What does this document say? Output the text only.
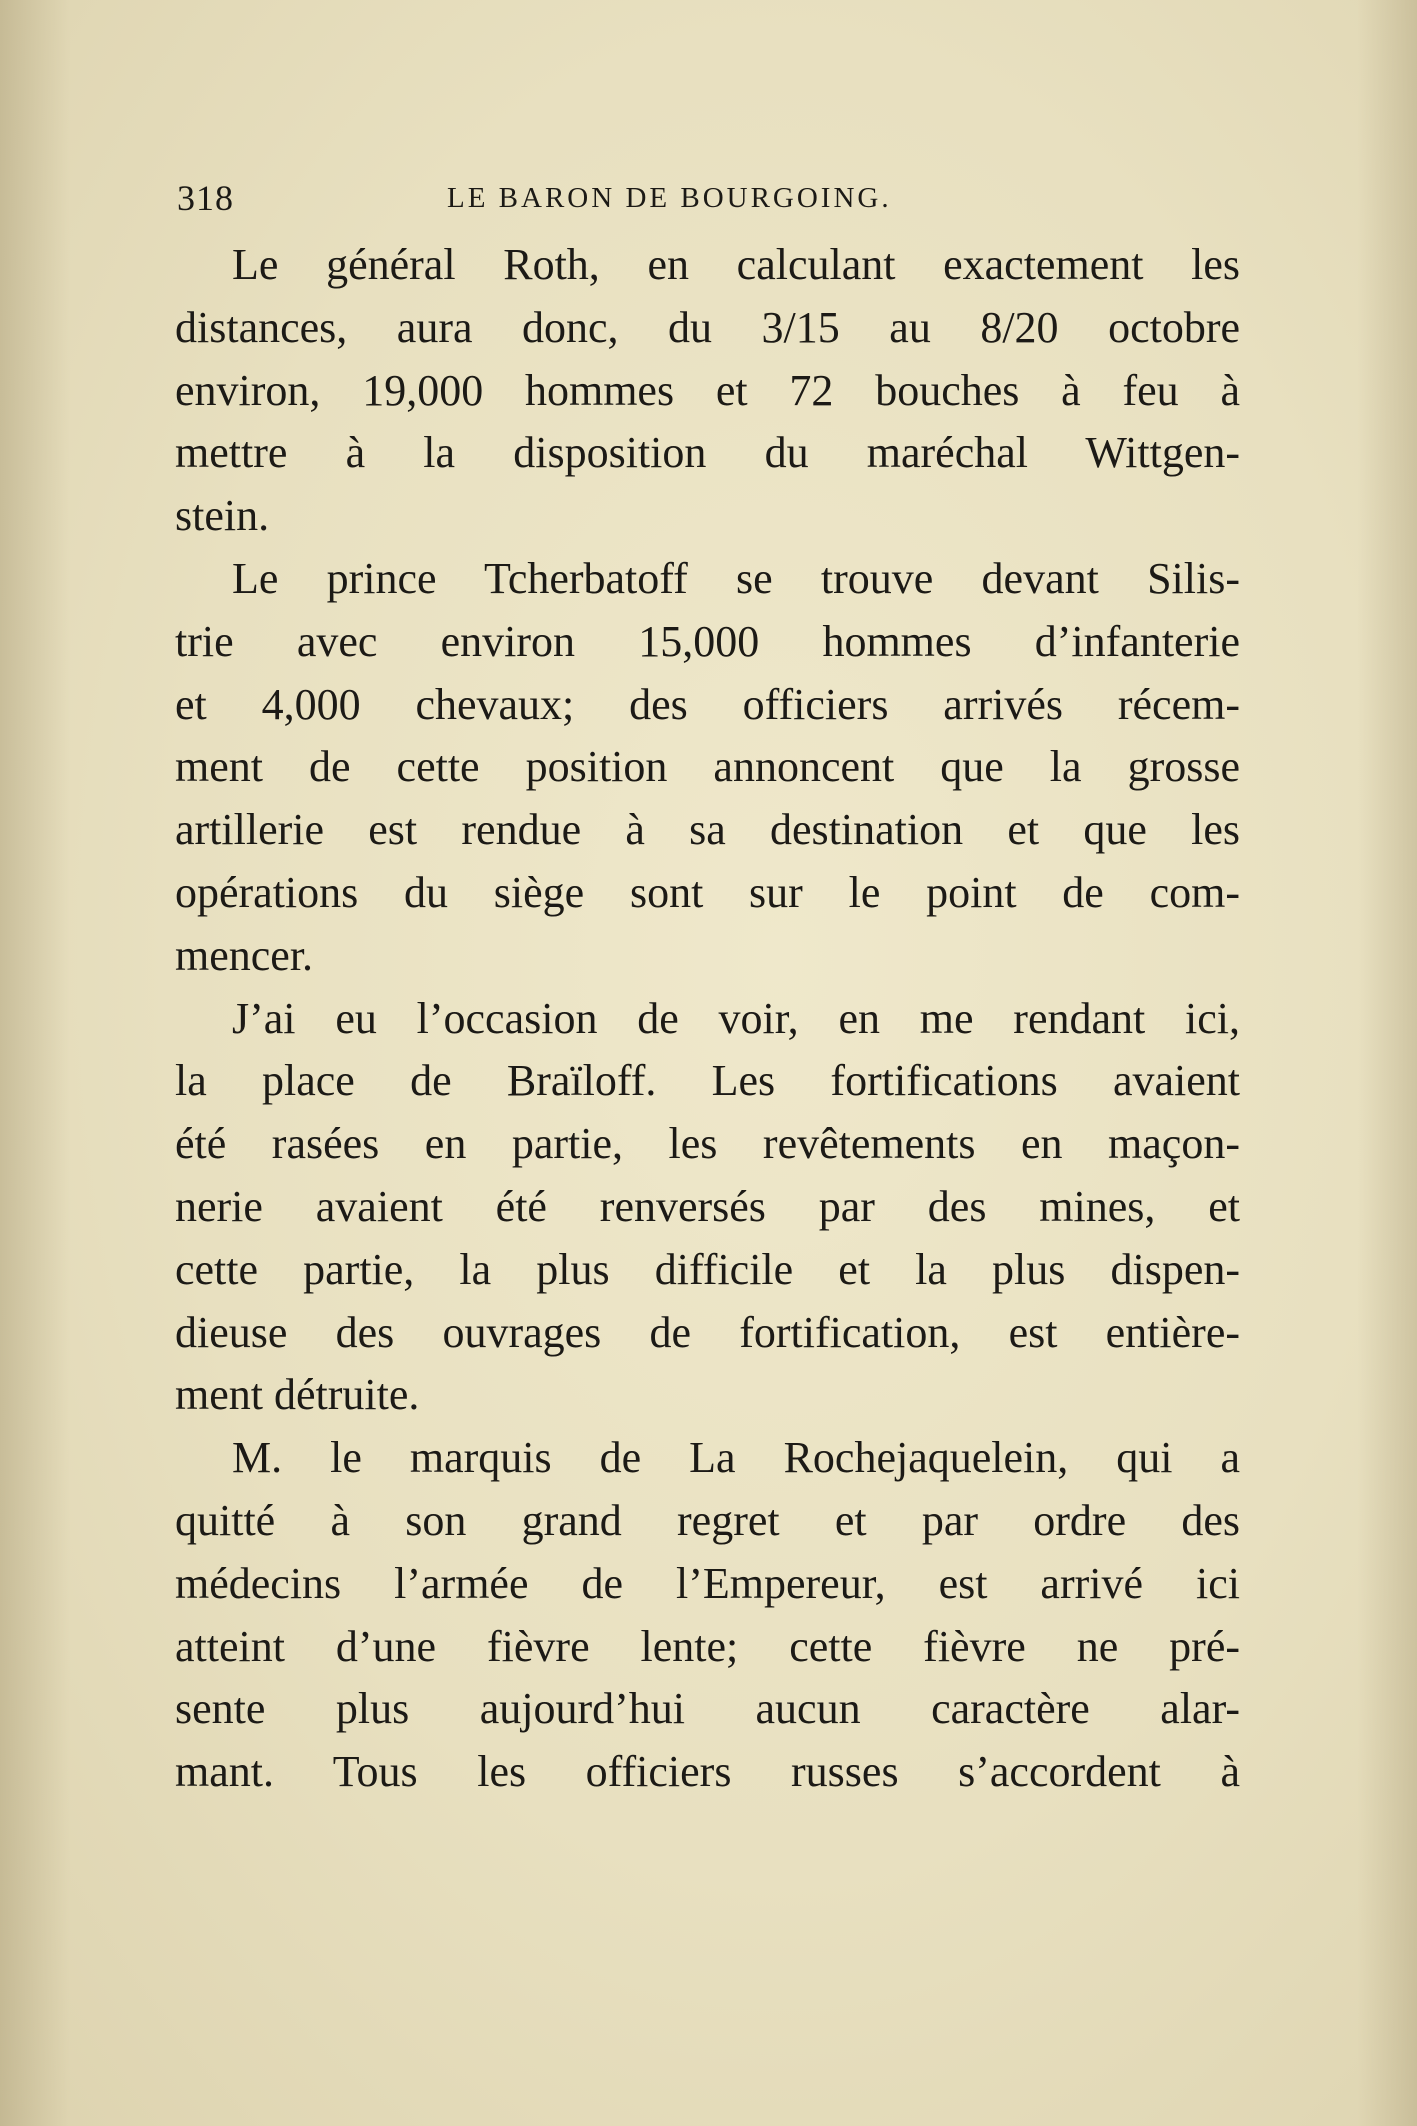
318	LE BARON DE BOURGOING.
Le général Roth, en calculant exactement les
distances, aura donc, du 3/15 au 8/20 octobre
environ, 19,000 hommes et 72 bouches à feu à
mettre à la disposition du maréchal Wittgen-
stein.
Le prince Tcherbatoff se trouve devant Silis-
trie avec environ 15,000 hommes d’infanterie
et 4,000 chevaux; des officiers arrivés récem-
ment de cette position annoncent que la grosse
artillerie est rendue à sa destination et que les
opérations du siège sont sur le point de com-
mencer.
J’ai eu l’occasion de voir, en me rendant ici,
la place de Braïloff. Les fortifications avaient
été rasées en partie, les revêtements en maçon-
nerie avaient été renversés par des mines, et
cette partie, la plus difficile et la plus dispen-
dieuse des ouvrages de fortification, est entière-
ment détruite.
M. le marquis de La Rochejaquelein, qui a
quitté à son grand regret et par ordre des
médecins l’armée de l’Empereur, est arrivé ici
atteint d’une fièvre lente; cette fièvre ne pré-
sente plus aujourd’hui aucun caractère alar-
mant. Tous les officiers russes s’accordent à
